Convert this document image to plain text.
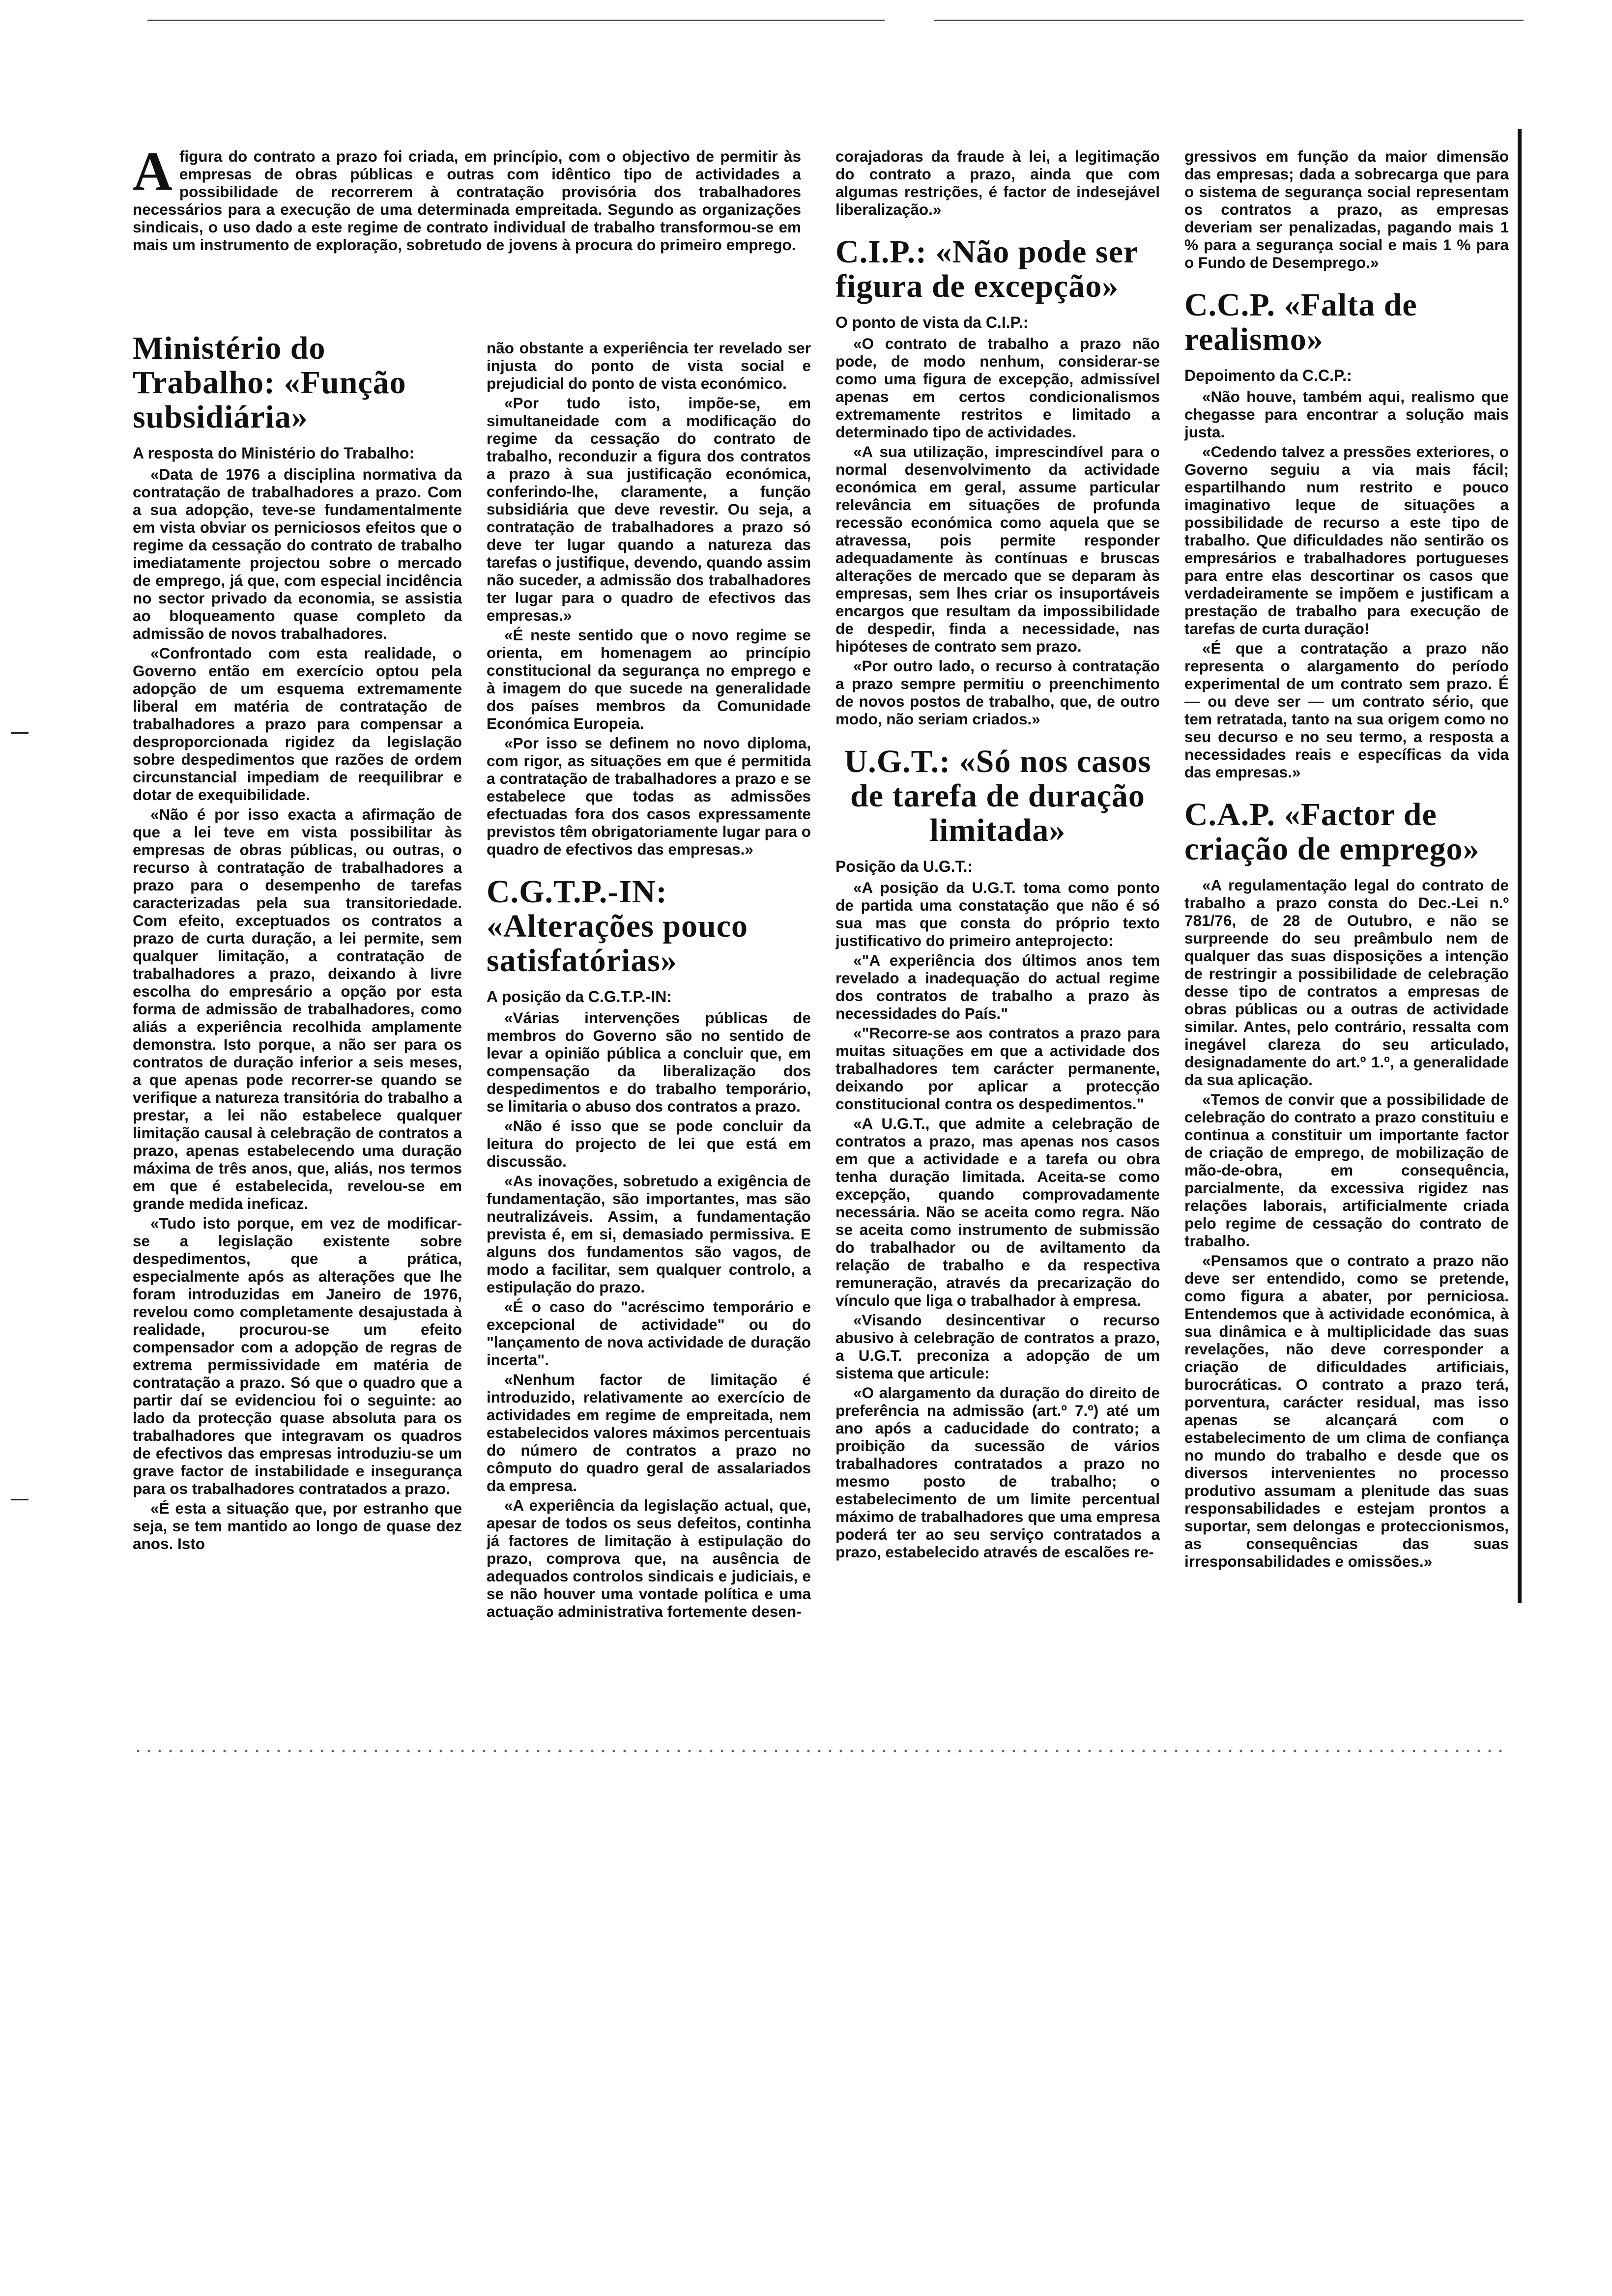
Afigura do contrato a prazo foi criada, em princípio, com o objectivo de permitir às empresas de obras públicas e outras com idêntico tipo de actividades a possibilidade de recorrerem à contratação provisória dos trabalhadores necessários para a execução de uma determinada empreitada. Segundo as organizações sindicais, o uso dado a este regime de contrato individual de trabalho transformou-se em mais um instrumento de exploração, sobretudo de jovens à procura do primeiro emprego.

Ministério do Trabalho: «Função subsidiária»

A resposta do Ministério do Trabalho:

«Data de 1976 a disciplina normativa da contratação de trabalhadores a prazo. Com a sua adopção, teve-se fundamentalmente em vista obviar os perniciosos efeitos que o regime da cessação do contrato de trabalho imediatamente projectou sobre o mercado de emprego, já que, com especial incidência no sector privado da economia, se assistia ao bloqueamento quase completo da admissão de novos trabalhadores.

«Confrontado com esta realidade, o Governo então em exercício optou pela adopção de um esquema extremamente liberal em matéria de contratação de trabalhadores a prazo para compensar a desproporcionada rigidez da legislação sobre despedimentos que razões de ordem circunstancial impediam de reequilibrar e dotar de exequibilidade.

«Não é por isso exacta a afirmação de que a lei teve em vista possibilitar às empresas de obras públicas, ou outras, o recurso à contratação de trabalhadores a prazo para o desempenho de tarefas caracterizadas pela sua transitoriedade. Com efeito, exceptuados os contratos a prazo de curta duração, a lei permite, sem qualquer limitação, a contratação de trabalhadores a prazo, deixando à livre escolha do empresário a opção por esta forma de admissão de trabalhadores, como aliás a experiência recolhida amplamente demonstra. Isto porque, a não ser para os contratos de duração inferior a seis meses, a que apenas pode recorrer-se quando se verifique a natureza transitória do trabalho a prestar, a lei não estabelece qualquer limitação causal à celebração de contratos a prazo, apenas estabelecendo uma duração máxima de três anos, que, aliás, nos termos em que é estabelecida, revelou-se em grande medida ineficaz.

«Tudo isto porque, em vez de modificar-se a legislação existente sobre despedimentos, que a prática, especialmente após as alterações que lhe foram introduzidas em Janeiro de 1976, revelou como completamente desajustada à realidade, procurou-se um efeito compensador com a adopção de regras de extrema permissividade em matéria de contratação a prazo. Só que o quadro que a partir daí se evidenciou foi o seguinte: ao lado da protecção quase absoluta para os trabalhadores que integravam os quadros de efectivos das empresas introduziu-se um grave factor de instabilidade e insegurança para os trabalhadores contratados a prazo.

«É esta a situação que, por estranho que seja, se tem mantido ao longo de quase dez anos. Isto

não obstante a experiência ter revelado ser injusta do ponto de vista social e prejudicial do ponto de vista económico.

«Por tudo isto, impõe-se, em simultaneidade com a modificação do regime da cessação do contrato de trabalho, reconduzir a figura dos contratos a prazo à sua justificação económica, conferindo-lhe, claramente, a função subsidiária que deve revestir. Ou seja, a contratação de trabalhadores a prazo só deve ter lugar quando a natureza das tarefas o justifique, devendo, quando assim não suceder, a admissão dos trabalhadores ter lugar para o quadro de efectivos das empresas.»

«É neste sentido que o novo regime se orienta, em homenagem ao princípio constitucional da segurança no emprego e à imagem do que sucede na generalidade dos países membros da Comunidade Económica Europeia.

«Por isso se definem no novo diploma, com rigor, as situações em que é permitida a contratação de trabalhadores a prazo e se estabelece que todas as admissões efectuadas fora dos casos expressamente previstos têm obrigatoriamente lugar para o quadro de efectivos das empresas.»

C.G.T.P.-IN: «Alterações pouco satisfatórias»

A posição da C.G.T.P.-IN:

«Várias intervenções públicas de membros do Governo são no sentido de levar a opinião pública a concluir que, em compensação da liberalização dos despedimentos e do trabalho temporário, se limitaria o abuso dos contratos a prazo.

«Não é isso que se pode concluir da leitura do projecto de lei que está em discussão.

«As inovações, sobretudo a exigência de fundamentação, são importantes, mas são neutralizáveis. Assim, a fundamentação prevista é, em si, demasiado permissiva. E alguns dos fundamentos são vagos, de modo a facilitar, sem qualquer controlo, a estipulação do prazo.

«É o caso do "acréscimo temporário e excepcional de actividade" ou do "lançamento de nova actividade de duração incerta".

«Nenhum factor de limitação é introduzido, relativamente ao exercício de actividades em regime de empreitada, nem estabelecidos valores máximos percentuais do número de contratos a prazo no cômputo do quadro geral de assalariados da empresa.

«A experiência da legislação actual, que, apesar de todos os seus defeitos, continha já factores de limitação à estipulação do prazo, comprova que, na ausência de adequados controlos sindicais e judiciais, e se não houver uma vontade política e uma actuação administrativa fortemente desen-

corajadoras da fraude à lei, a legitimação do contrato a prazo, ainda que com algumas restrições, é factor de indesejável liberalização.»

C.I.P.: «Não pode ser figura de excepção»

O ponto de vista da C.I.P.:

«O contrato de trabalho a prazo não pode, de modo nenhum, considerar-se como uma figura de excepção, admissível apenas em certos condicionalismos extremamente restritos e limitado a determinado tipo de actividades.

«A sua utilização, imprescindível para o normal desenvolvimento da actividade económica em geral, assume particular relevância em situações de profunda recessão económica como aquela que se atravessa, pois permite responder adequadamente às contínuas e bruscas alterações de mercado que se deparam às empresas, sem lhes criar os insuportáveis encargos que resultam da impossibilidade de despedir, finda a necessidade, nas hipóteses de contrato sem prazo.

«Por outro lado, o recurso à contratação a prazo sempre permitiu o preenchimento de novos postos de trabalho, que, de outro modo, não seriam criados.»

U.G.T.: «Só nos casos de tarefa de duração limitada»

Posição da U.G.T.:

«A posição da U.G.T. toma como ponto de partida uma constatação que não é só sua mas que consta do próprio texto justificativo do primeiro anteprojecto:

«"A experiência dos últimos anos tem revelado a inadequação do actual regime dos contratos de trabalho a prazo às necessidades do País."

«"Recorre-se aos contratos a prazo para muitas situações em que a actividade dos trabalhadores tem carácter permanente, deixando por aplicar a protecção constitucional contra os despedimentos."

«A U.G.T., que admite a celebração de contratos a prazo, mas apenas nos casos em que a actividade e a tarefa ou obra tenha duração limitada. Aceita-se como excepção, quando comprovadamente necessária. Não se aceita como regra. Não se aceita como instrumento de submissão do trabalhador ou de aviltamento da relação de trabalho e da respectiva remuneração, através da precarização do vínculo que liga o trabalhador à empresa.

«Visando desincentivar o recurso abusivo à celebração de contratos a prazo, a U.G.T. preconiza a adopção de um sistema que articule:

«O alargamento da duração do direito de preferência na admissão (art.º 7.º) até um ano após a caducidade do contrato; a proibição da sucessão de vários trabalhadores contratados a prazo no mesmo posto de trabalho; o estabelecimento de um limite percentual máximo de trabalhadores que uma empresa poderá ter ao seu serviço contratados a prazo, estabelecido através de escalões re-

gressivos em função da maior dimensão das empresas; dada a sobrecarga que para o sistema de segurança social representam os contratos a prazo, as empresas deveriam ser penalizadas, pagando mais 1 % para a segurança social e mais 1 % para o Fundo de Desemprego.»

C.C.P. «Falta de realismo»

Depoimento da C.C.P.:

«Não houve, também aqui, realismo que chegasse para encontrar a solução mais justa.

«Cedendo talvez a pressões exteriores, o Governo seguiu a via mais fácil; espartilhando num restrito e pouco imaginativo leque de situações a possibilidade de recurso a este tipo de trabalho. Que dificuldades não sentirão os empresários e trabalhadores portugueses para entre elas descortinar os casos que verdadeiramente se impõem e justificam a prestação de trabalho para execução de tarefas de curta duração!

«É que a contratação a prazo não representa o alargamento do período experimental de um contrato sem prazo. É — ou deve ser — um contrato sério, que tem retratada, tanto na sua origem como no seu decurso e no seu termo, a resposta a necessidades reais e específicas da vida das empresas.»

C.A.P. «Factor de criação de emprego»

«A regulamentação legal do contrato de trabalho a prazo consta do Dec.-Lei n.º 781/76, de 28 de Outubro, e não se surpreende do seu preâmbulo nem de qualquer das suas disposições a intenção de restringir a possibilidade de celebração desse tipo de contratos a empresas de obras públicas ou a outras de actividade similar. Antes, pelo contrário, ressalta com inegável clareza do seu articulado, designadamente do art.º 1.º, a generalidade da sua aplicação.

«Temos de convir que a possibilidade de celebração do contrato a prazo constituiu e continua a constituir um importante factor de criação de emprego, de mobilização de mão-de-obra, em consequência, parcialmente, da excessiva rigidez nas relações laborais, artificialmente criada pelo regime de cessação do contrato de trabalho.

«Pensamos que o contrato a prazo não deve ser entendido, como se pretende, como figura a abater, por perniciosa. Entendemos que à actividade económica, à sua dinâmica e à multiplicidade das suas revelações, não deve corresponder a criação de dificuldades artificiais, burocráticas. O contrato a prazo terá, porventura, carácter residual, mas isso apenas se alcançará com o estabelecimento de um clima de confiança no mundo do trabalho e desde que os diversos intervenientes no processo produtivo assumam a plenitude das suas responsabilidades e estejam prontos a suportar, sem delongas e proteccionismos, as consequências das suas irresponsabilidades e omissões.»
